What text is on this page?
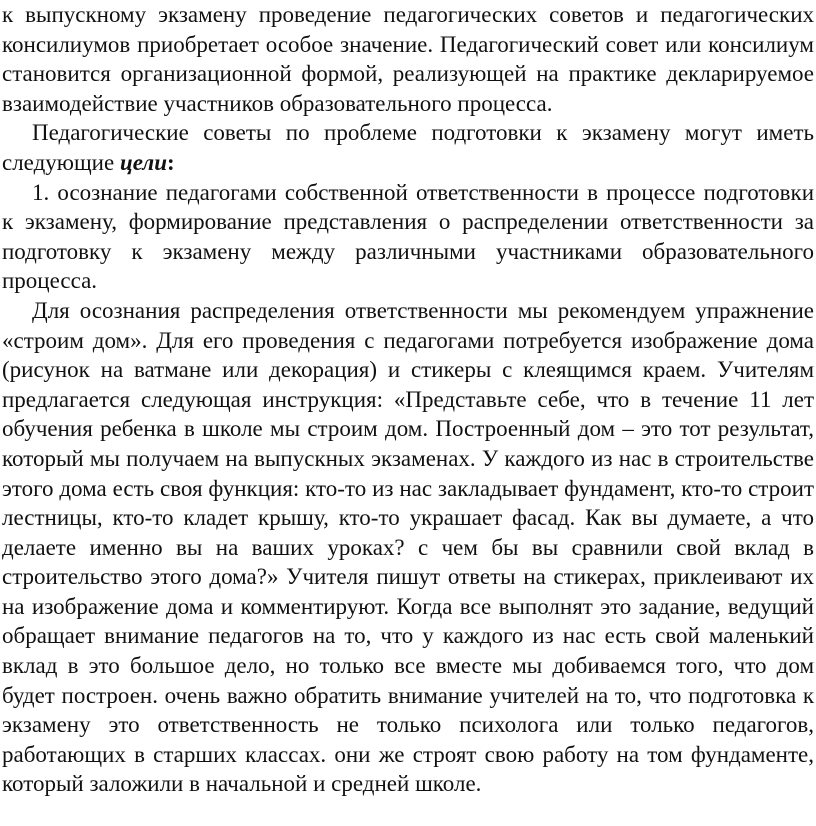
к выпускному экзамену проведение педагогических советов и педагогических консилиумов приобретает особое значение. Педагогический совет или консилиум становится организационной формой, реализующей на практике декларируемое взаимодействие участников образовательного процесса.

Педагогические советы по проблеме подготовки к экзамену могут иметь следующие цели:

1. осознание педагогами собственной ответственности в процессе подготовки к экзамену, формирование представления о распределении ответственности за подготовку к экзамену между различными участниками образовательного процесса.

Для осознания распределения ответственности мы рекомендуем упражнение «строим дом». Для его проведения с педагогами потребуется изображение дома (рисунок на ватмане или декорация) и стикеры с клеящимся краем. Учителям предлагается следующая инструкция: «Представьте себе, что в течение 11 лет обучения ребенка в школе мы строим дом. Построенный дом – это тот результат, который мы получаем на выпускных экзаменах. У каждого из нас в строительстве этого дома есть своя функция: кто-то из нас закладывает фундамент, кто-то строит лестницы, кто-то кладет крышу, кто-то украшает фасад. Как вы думаете, а что делаете именно вы на ваших уроках? с чем бы вы сравнили свой вклад в строительство этого дома?» Учителя пишут ответы на стикерах, приклеивают их на изображение дома и комментируют. Когда все выполнят это задание, ведущий обращает внимание педагогов на то, что у каждого из нас есть свой маленький вклад в это большое дело, но только все вместе мы добиваемся того, что дом будет построен. очень важно обратить внимание учителей на то, что подготовка к экзамену это ответственность не только психолога или только педагогов, работающих в старших классах. они же строят свою работу на том фундаменте, который заложили в начальной и средней школе.
